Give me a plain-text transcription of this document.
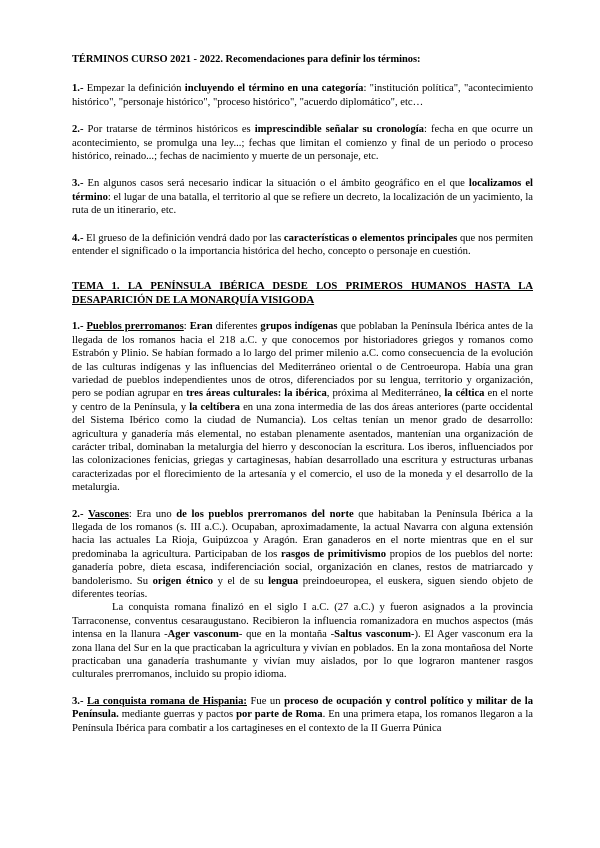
TÉRMINOS CURSO 2021 - 2022. Recomendaciones para definir los términos:

1.- Empezar la definición incluyendo el término en una categoría: "institución política", "acontecimiento histórico", "personaje histórico", "proceso histórico", "acuerdo diplomático", etc…

2.- Por tratarse de términos históricos es imprescindible señalar su cronología: fecha en que ocurre un acontecimiento, se promulga una ley...; fechas que limitan el comienzo y final de un periodo o proceso histórico, reinado...; fechas de nacimiento y muerte de un personaje, etc.

3.- En algunos casos será necesario indicar la situación o el ámbito geográfico en el que localizamos el término: el lugar de una batalla, el territorio al que se refiere un decreto, la localización de un yacimiento, la ruta de un itinerario, etc.

4.- El grueso de la definición vendrá dado por las características o elementos principales que nos permiten entender el significado o la importancia histórica del hecho, concepto o personaje en cuestión.

TEMA 1. LA PENÍNSULA IBÉRICA DESDE LOS PRIMEROS HUMANOS HASTA LA DESAPARICIÓN DE LA MONARQUÍA VISIGODA

1.- Pueblos prerromanos: Eran diferentes grupos indígenas que poblaban la Península Ibérica antes de la llegada de los romanos hacia el 218 a.C. y que conocemos por historiadores griegos y romanos como Estrabón y Plinio. Se habían formado a lo largo del primer milenio a.C. como consecuencia de la evolución de las culturas indígenas y las influencias del Mediterráneo oriental o de Centroeuropa. Había una gran variedad de pueblos independientes unos de otros, diferenciados por su lengua, territorio y organización, pero se podían agrupar en tres áreas culturales: la ibérica, próxima al Mediterráneo, la céltica en el norte y centro de la Península, y la celtíbera en una zona intermedia de las dos áreas anteriores (parte occidental del Sistema Ibérico como la ciudad de Numancia). Los celtas tenían un menor grado de desarrollo: agricultura y ganadería más elemental, no estaban plenamente asentados, mantenían una organización de carácter tribal, dominaban la metalurgia del hierro y desconocían la escritura. Los iberos, influenciados por las colonizaciones fenicias, griegas y cartaginesas, habían desarrollado una escritura y estructuras urbanas caracterizadas por el florecimiento de la artesanía y el comercio, el uso de la moneda y el desarrollo de la metalurgia.

2.- Vascones: Era uno de los pueblos prerromanos del norte que habitaban la Península Ibérica a la llegada de los romanos (s. III a.C.). Ocupaban, aproximadamente, la actual Navarra con alguna extensión hacia las actuales La Rioja, Guipúzcoa y Aragón. Eran ganaderos en el norte mientras que en el sur predominaba la agricultura. Participaban de los rasgos de primitivismo propios de los pueblos del norte: ganadería pobre, dieta escasa, indiferenciación social, organización en clanes, restos de matriarcado y bandolerismo. Su origen étnico y el de su lengua preindoeuropea, el euskera, siguen siendo objeto de diferentes teorías.

La conquista romana finalizó en el siglo I a.C. (27 a.C.) y fueron asignados a la provincia Tarraconense, conventus cesaraugustano. Recibieron la influencia romanizadora en muchos aspectos (más intensa en la llanura -Ager vasconum- que en la montaña -Saltus vasconum-). El Ager vasconum era la zona llana del Sur en la que practicaban la agricultura y vivían en poblados. En la zona montañosa del Norte practicaban una ganadería trashumante y vivían muy aislados, por lo que lograron mantener rasgos culturales prerromanos, incluido su propio idioma.

3.- La conquista romana de Hispania: Fue un proceso de ocupación y control político y militar de la Península. mediante guerras y pactos por parte de Roma. En una primera etapa, los romanos llegaron a la Península Ibérica para combatir a los cartagineses en el contexto de la II Guerra Púnica
